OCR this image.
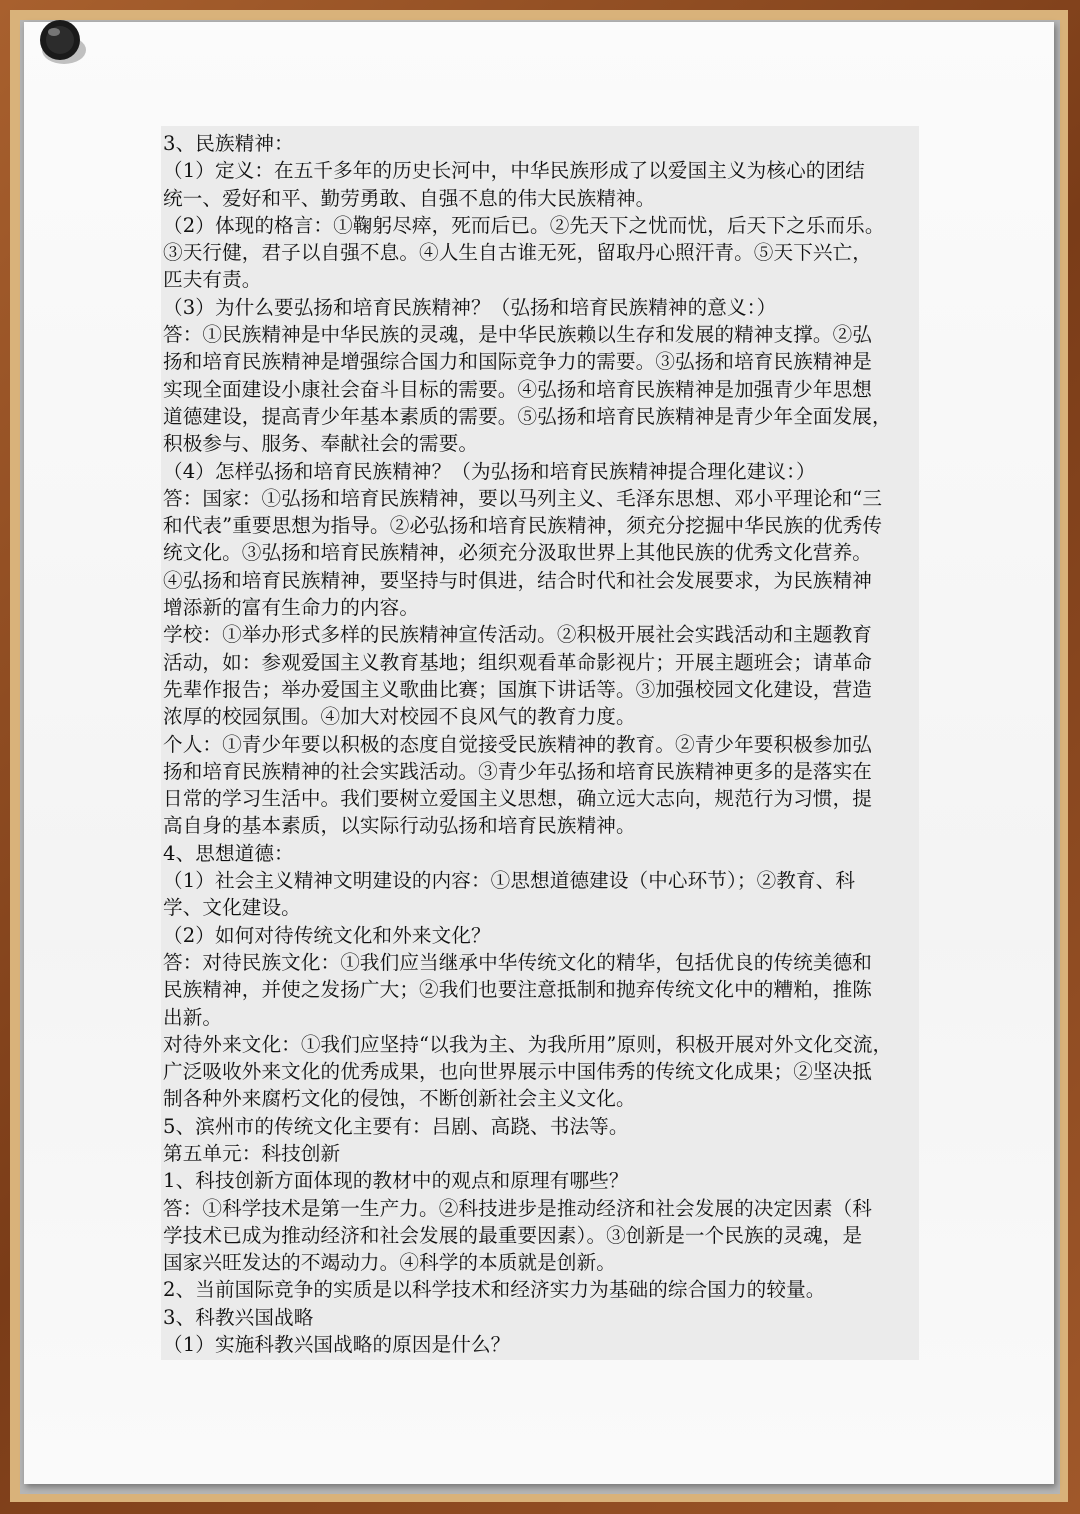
3、民族精神：
（1）定义：在五千多年的历史长河中，中华民族形成了以爱国主义为核心的团结
统一、爱好和平、勤劳勇敢、自强不息的伟大民族精神。
（2）体现的格言：①鞠躬尽瘁，死而后已。②先天下之忧而忧，后天下之乐而乐。
③天行健，君子以自强不息。④人生自古谁无死，留取丹心照汗青。⑤天下兴亡，
匹夫有责。
（3）为什么要弘扬和培育民族精神？（弘扬和培育民族精神的意义：）
答：①民族精神是中华民族的灵魂，是中华民族赖以生存和发展的精神支撑。②弘
扬和培育民族精神是增强综合国力和国际竞争力的需要。③弘扬和培育民族精神是
实现全面建设小康社会奋斗目标的需要。④弘扬和培育民族精神是加强青少年思想
道德建设，提高青少年基本素质的需要。⑤弘扬和培育民族精神是青少年全面发展，
积极参与、服务、奉献社会的需要。
（4）怎样弘扬和培育民族精神？（为弘扬和培育民族精神提合理化建议：）
答：国家：①弘扬和培育民族精神，要以马列主义、毛泽东思想、邓小平理论和“三
和代表”重要思想为指导。②必弘扬和培育民族精神，须充分挖掘中华民族的优秀传
统文化。③弘扬和培育民族精神，必须充分汲取世界上其他民族的优秀文化营养。
④弘扬和培育民族精神，要坚持与时俱进，结合时代和社会发展要求，为民族精神
增添新的富有生命力的内容。
学校：①举办形式多样的民族精神宣传活动。②积极开展社会实践活动和主题教育
活动，如：参观爱国主义教育基地；组织观看革命影视片；开展主题班会；请革命
先辈作报告；举办爱国主义歌曲比赛；国旗下讲话等。③加强校园文化建设，营造
浓厚的校园氛围。④加大对校园不良风气的教育力度。
个人：①青少年要以积极的态度自觉接受民族精神的教育。②青少年要积极参加弘
扬和培育民族精神的社会实践活动。③青少年弘扬和培育民族精神更多的是落实在
日常的学习生活中。我们要树立爱国主义思想，确立远大志向，规范行为习惯，提
高自身的基本素质，以实际行动弘扬和培育民族精神。
4、思想道德：
（1）社会主义精神文明建设的内容：①思想道德建设（中心环节）；②教育、科
学、文化建设。
（2）如何对待传统文化和外来文化？
答：对待民族文化：①我们应当继承中华传统文化的精华，包括优良的传统美德和
民族精神，并使之发扬广大；②我们也要注意抵制和抛弃传统文化中的糟粕，推陈
出新。
对待外来文化：①我们应坚持“以我为主、为我所用”原则，积极开展对外文化交流，
广泛吸收外来文化的优秀成果，也向世界展示中国伟秀的传统文化成果；②坚决抵
制各种外来腐朽文化的侵蚀，不断创新社会主义文化。
5、滨州市的传统文化主要有：吕剧、高跷、书法等。
第五单元：科技创新
1、科技创新方面体现的教材中的观点和原理有哪些？
答：①科学技术是第一生产力。②科技进步是推动经济和社会发展的决定因素（科
学技术已成为推动经济和社会发展的最重要因素）。③创新是一个民族的灵魂，是
国家兴旺发达的不竭动力。④科学的本质就是创新。
2、当前国际竞争的实质是以科学技术和经济实力为基础的综合国力的较量。
3、科教兴国战略
（1）实施科教兴国战略的原因是什么？
